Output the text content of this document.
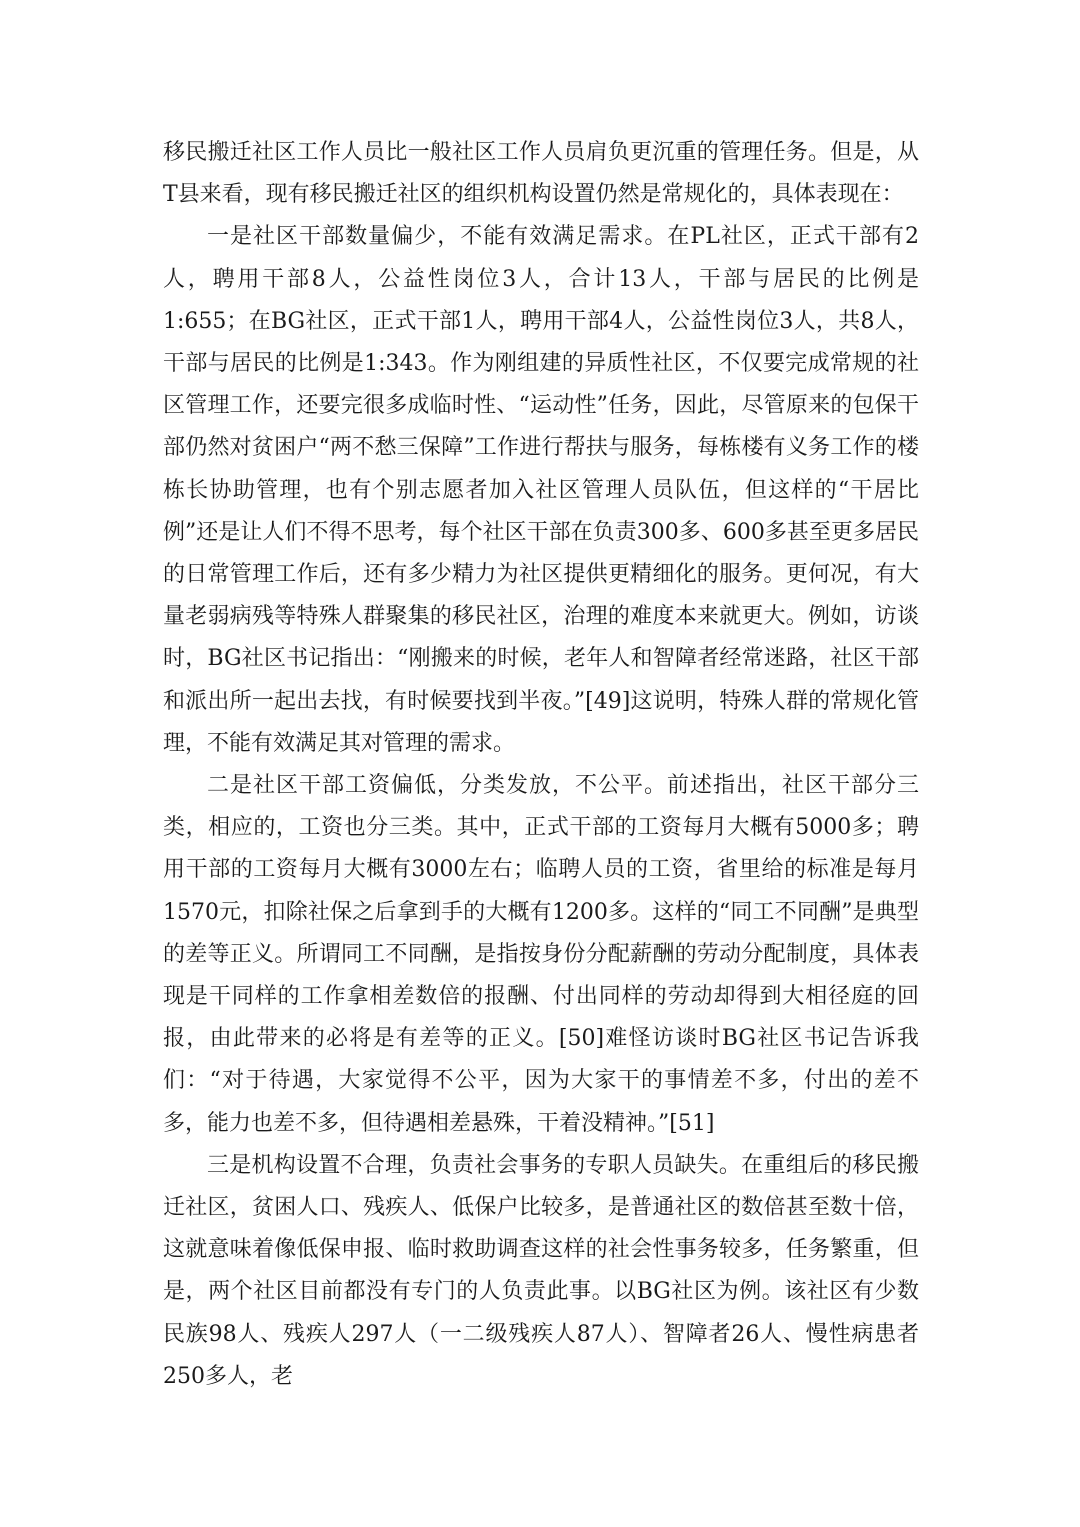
移民搬迁社区工作人员比一般社区工作人员肩负更沉重的管理任务。但是，从T县来看，现有移民搬迁社区的组织机构设置仍然是常规化的，具体表现在：

一是社区干部数量偏少，不能有效满足需求。在PL社区，正式干部有2人，聘用干部8人，公益性岗位3人，合计13人，干部与居民的比例是1:655；在BG社区，正式干部1人，聘用干部4人，公益性岗位3人，共8人，干部与居民的比例是1:343。作为刚组建的异质性社区，不仅要完成常规的社区管理工作，还要完很多成临时性、“运动性”任务，因此，尽管原来的包保干部仍然对贫困户“两不愁三保障”工作进行帮扶与服务，每栋楼有义务工作的楼栋长协助管理，也有个别志愿者加入社区管理人员队伍，但这样的“干居比例”还是让人们不得不思考，每个社区干部在负责300多、600多甚至更多居民的日常管理工作后，还有多少精力为社区提供更精细化的服务。更何况，有大量老弱病残等特殊人群聚集的移民社区，治理的难度本来就更大。例如，访谈时，BG社区书记指出：“刚搬来的时候，老年人和智障者经常迷路，社区干部和派出所一起出去找，有时候要找到半夜。”[49]这说明，特殊人群的常规化管理，不能有效满足其对管理的需求。

二是社区干部工资偏低，分类发放，不公平。前述指出，社区干部分三类，相应的，工资也分三类。其中，正式干部的工资每月大概有5000多；聘用干部的工资每月大概有3000左右；临聘人员的工资，省里给的标准是每月1570元，扣除社保之后拿到手的大概有1200多。这样的“同工不同酬”是典型的差等正义。所谓同工不同酬，是指按身份分配薪酬的劳动分配制度，具体表现是干同样的工作拿相差数倍的报酬、付出同样的劳动却得到大相径庭的回报，由此带来的必将是有差等的正义。[50]难怪访谈时BG社区书记告诉我们：“对于待遇，大家觉得不公平，因为大家干的事情差不多，付出的差不多，能力也差不多，但待遇相差悬殊，干着没精神。”[51]

三是机构设置不合理，负责社会事务的专职人员缺失。在重组后的移民搬迁社区，贫困人口、残疾人、低保户比较多，是普通社区的数倍甚至数十倍，这就意味着像低保申报、临时救助调查这样的社会性事务较多，任务繁重，但是，两个社区目前都没有专门的人负责此事。以BG社区为例。该社区有少数民族98人、残疾人297人（一二级残疾人87人）、智障者26人、慢性病患者250多人，老
